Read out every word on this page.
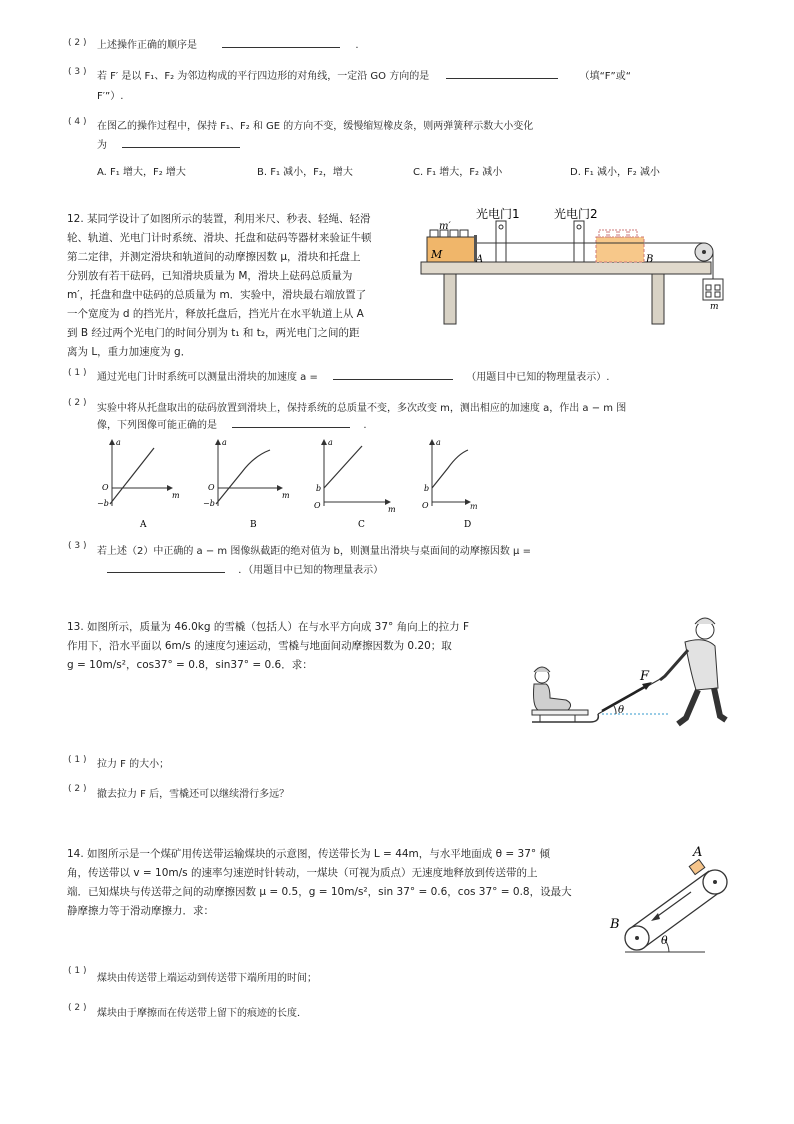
( 2 ) 上述操作正确的顺序是	.
( 3 ) 若 F′ 是以 F₁、F₂ 为邻边构成的平行四边形的对角线，一定沿 GO 方向的是	（填“F”或“
F′”）.
( 4 ) 在图乙的操作过程中，保持 F₁、F₂ 和 GE 的方向不变，缓慢缩短橡皮条，则两弹簧秤示数大小变化
为
A. F₁ 增大，F₂ 增大	B. F₁ 减小，F₂，增大	C. F₁ 增大，F₂ 减小	D. F₁ 减小，F₂ 减小
12. 某同学设计了如图所示的装置，利用米尺、秒表、轻绳、轻滑
轮、轨道、光电门计时系统、滑块、托盘和砝码等器材来验证牛顿
第二定律，并测定滑块和轨道间的动摩擦因数 μ，滑块和托盘上
分别放有若干砝码，已知滑块质量为 M，滑块上砝码总质量为
m′，托盘和盘中砝码的总质量为 m．实验中，滑块最右端放置了
一个宽度为 d 的挡光片，释放托盘后，挡光片在水平轨道上从 A
到 B 经过两个光电门的时间分别为 t₁ 和 t₂，两光电门之间的距
离为 L，重力加速度为 g．
m′
M	A	B
m
光电门1	光电门2
( 1 ) 通过光电门计时系统可以测量出滑块的加速度 a =	（用题目中已知的物理量表示）.
( 2 ) 实验中将从托盘取出的砝码放置到滑块上，保持系统的总质量不变，多次改变 m，测出相应的加速度 a，作出 a − m 图
像，下列图像可能正确的是	.
a
O
m
−b
A
a
O
m
−b
B
a
O	m
b
C
a
O
b
D
m
( 3 ) 若上述（2）中正确的 a − m 图像纵截距的绝对值为 b，则测量出滑块与桌面间的动摩擦因数 μ =
．（用题目中已知的物理量表示）
13. 如图所示，质量为 46.0kg 的雪橇（包括人）在与水平方向成 37° 角向上的拉力 F
作用下，沿水平面以 6m/s 的速度匀速运动，雪橇与地面间动摩擦因数为 0.20；取
g = 10m/s²，cos37° = 0.8，sin37° = 0.6．求：
F
θ
( 1 ) 拉力 F 的大小；
( 2 ) 撤去拉力 F 后，雪橇还可以继续滑行多远？
14. 如图所示是一个煤矿用传送带运输煤块的示意图，传送带长为 L = 44m，与水平地面成 θ = 37° 倾
角，传送带以 v = 10m/s 的速率匀速逆时针转动，一煤块（可视为质点）无速度地释放到传送带的上
端．已知煤块与传送带之间的动摩擦因数 μ = 0.5，g = 10m/s²，sin 37° = 0.6，cos 37° = 0.8，设最大
静摩擦力等于滑动摩擦力．求：
A
B
θ
( 1 )
煤块由传送带上端运动到传送带下端所用的时间；
( 2 ) 煤块由于摩擦而在传送带上留下的痕迹的长度．
